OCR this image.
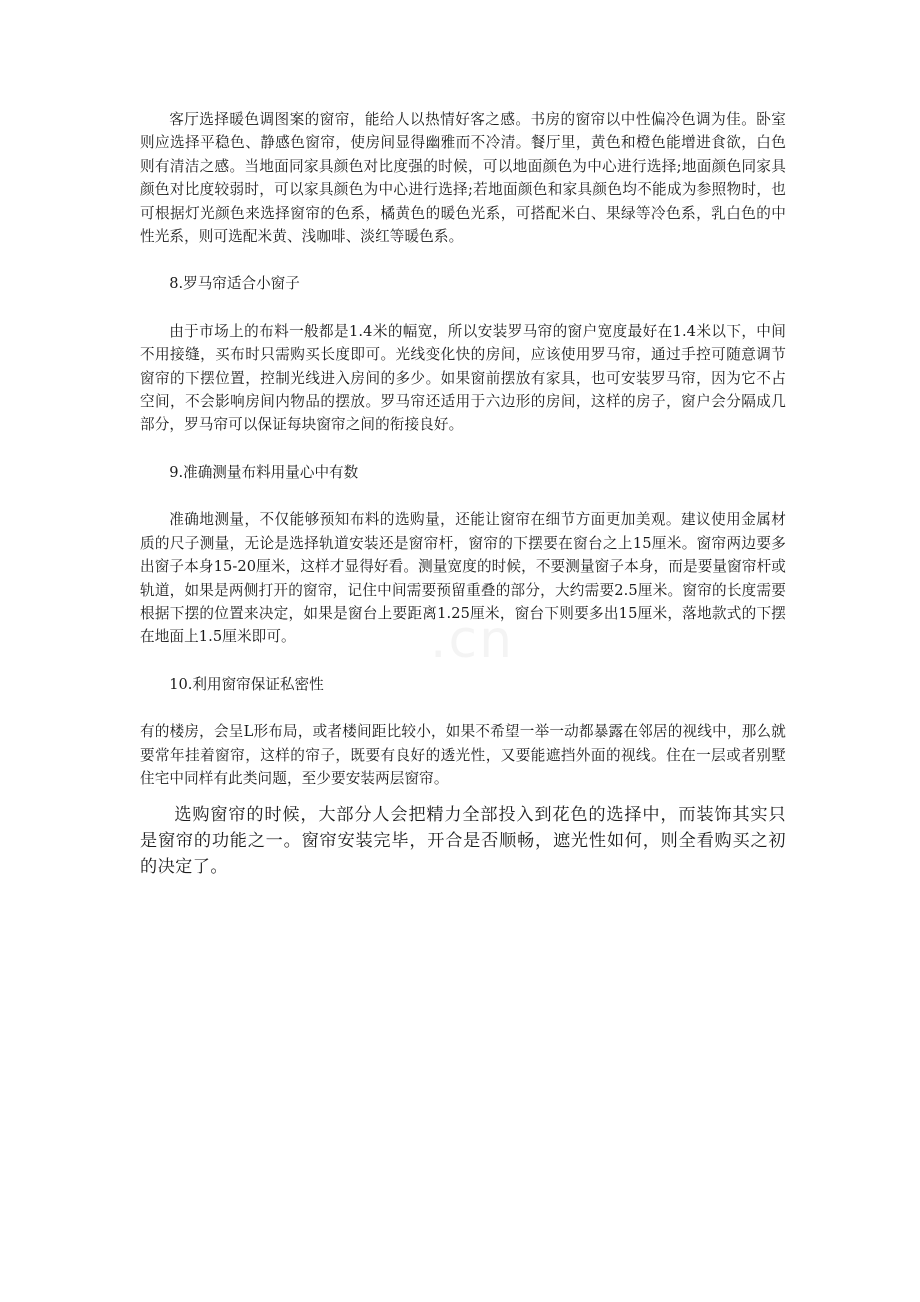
客厅选择暖色调图案的窗帘，能给人以热情好客之感。书房的窗帘以中性偏冷色调为佳。卧室则应选择平稳色、静感色窗帘，使房间显得幽雅而不冷清。餐厅里，黄色和橙色能增进食欲，白色则有清洁之感。当地面同家具颜色对比度强的时候，可以地面颜色为中心进行选择;地面颜色同家具颜色对比度较弱时，可以家具颜色为中心进行选择;若地面颜色和家具颜色均不能成为参照物时，也可根据灯光颜色来选择窗帘的色系，橘黄色的暖色光系，可搭配米白、果绿等冷色系，乳白色的中性光系，则可选配米黄、浅咖啡、淡红等暖色系。

8.罗马帘适合小窗子

由于市场上的布料一般都是1.4米的幅宽，所以安装罗马帘的窗户宽度最好在1.4米以下，中间不用接缝，买布时只需购买长度即可。光线变化快的房间，应该使用罗马帘，通过手控可随意调节窗帘的下摆位置，控制光线进入房间的多少。如果窗前摆放有家具，也可安装罗马帘，因为它不占空间，不会影响房间内物品的摆放。罗马帘还适用于六边形的房间，这样的房子，窗户会分隔成几部分，罗马帘可以保证每块窗帘之间的衔接良好。

9.准确测量布料用量心中有数

准确地测量，不仅能够预知布料的选购量，还能让窗帘在细节方面更加美观。建议使用金属材质的尺子测量，无论是选择轨道安装还是窗帘杆，窗帘的下摆要在窗台之上15厘米。窗帘两边要多出窗子本身15-20厘米，这样才显得好看。测量宽度的时候，不要测量窗子本身，而是要量窗帘杆或轨道，如果是两侧打开的窗帘，记住中间需要预留重叠的部分，大约需要2.5厘米。窗帘的长度需要根据下摆的位置来决定，如果是窗台上要距离1.25厘米，窗台下则要多出15厘米，落地款式的下摆在地面上1.5厘米即可。

10.利用窗帘保证私密性

有的楼房，会呈L形布局，或者楼间距比较小，如果不希望一举一动都暴露在邻居的视线中，那么就要常年挂着窗帘，这样的帘子，既要有良好的透光性，又要能遮挡外面的视线。住在一层或者别墅住宅中同样有此类问题，至少要安装两层窗帘。

选购窗帘的时候，大部分人会把精力全部投入到花色的选择中，而装饰其实只是窗帘的功能之一。窗帘安装完毕，开合是否顺畅，遮光性如何，则全看购买之初的决定了。
